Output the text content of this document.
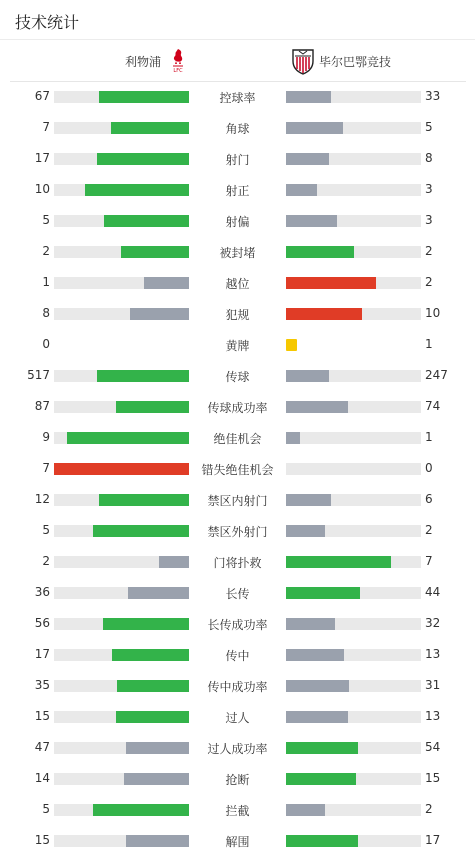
技术统计
利物浦
LFC
毕尔巴鄂竞技
67	控球率	33
7	角球	5
17	射门	8
10	射正	3
5	射偏	3
2	被封堵	2
1	越位	2
8	犯规	10
0	黄牌	1
517	传球	247
87	传球成功率	74
9	绝佳机会	1
7	错失绝佳机会	0
12	禁区内射门	6
5	禁区外射门	2
2	门将扑救	7
36	长传	44
56	长传成功率	32
17	传中	13
35	传中成功率	31
15	过人	13
47	过人成功率	54
14	抢断	15
5	拦截	2
15	解围	17
